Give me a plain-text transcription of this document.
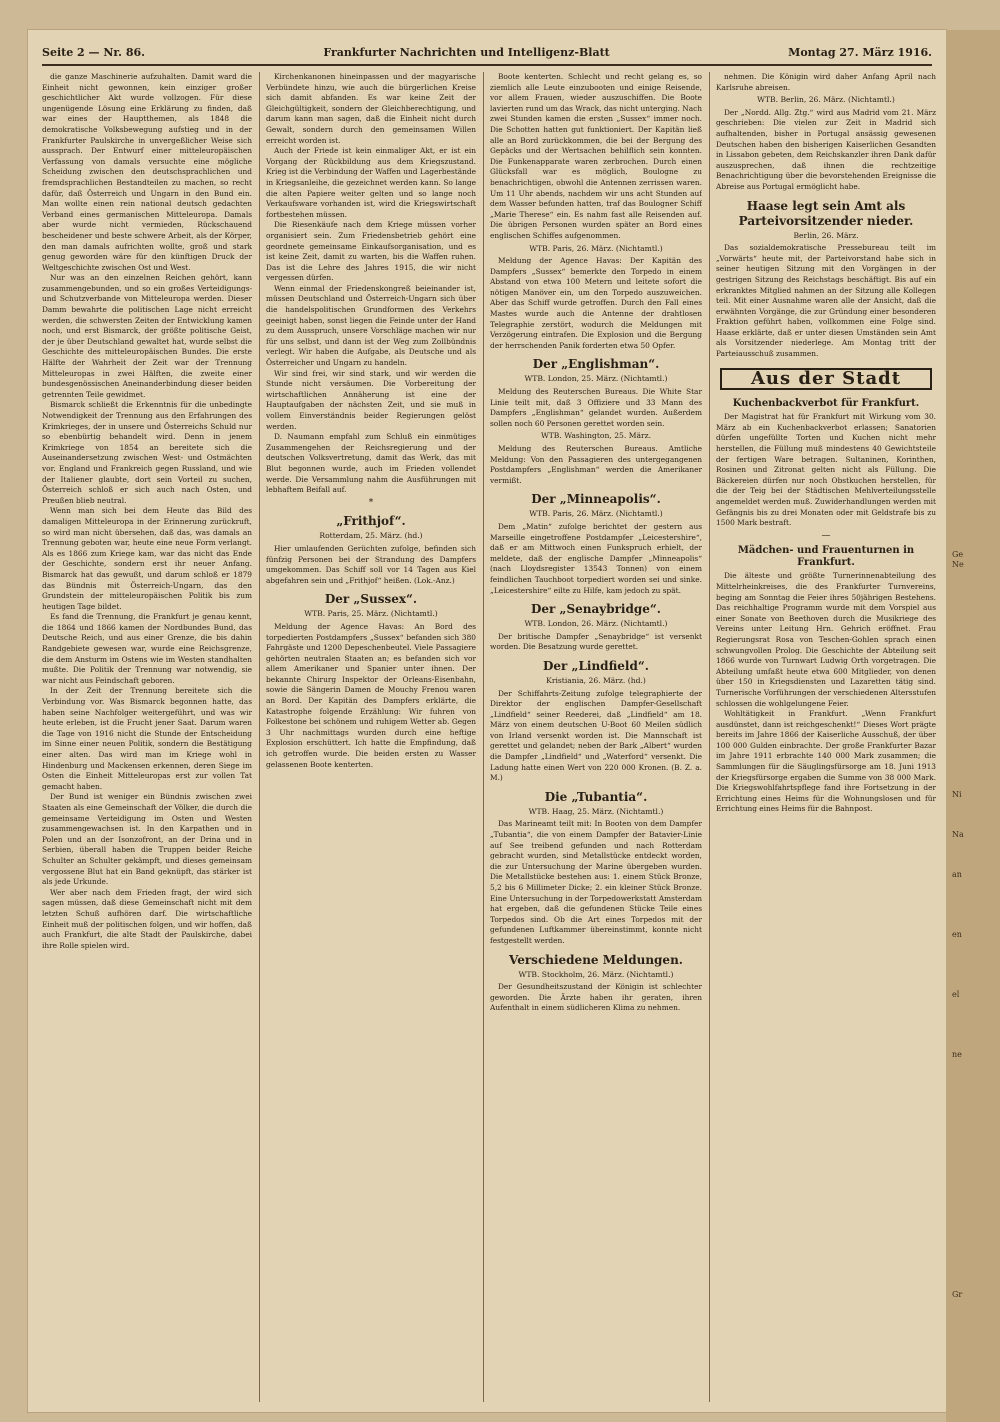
Seite 2 — Nr. 86.	Frankfurter Nachrichten und Intelligenz-Blatt	Montag 27. März 1916.

die ganze Maschinerie aufzuhalten. Damit ward die Einheit nicht gewonnen, kein einziger großer geschichtlicher Akt wurde vollzogen. Für diese ungenügende Lösung eine Erklärung zu finden, daß war eines der Hauptthemen, als 1848 die demokratische Volksbewegung aufstieg und in der Frankfurter Paulskirche in unvergeßlicher Weise sich aussprach. Der Entwurf einer mitteleuropäischen Verfassung von damals versuchte eine mögliche Scheidung zwischen den deutschsprachlichen und fremdsprachlichen Bestandteilen zu machen, so recht dafür, daß Österreich und Ungarn in den Bund ein. Man wollte einen rein national deutsch gedachten Verband eines germanischen Mitteleuropa. Damals aber wurde nicht vermieden, Rückschauend bescheidener und beste schwere Arbeit, als der Körper, den man damals aufrichten wollte, groß und stark genug geworden wäre für den künftigen Druck der Weltgeschichte zwischen Ost und West.

Nur was an den einzelnen Reichen gehört, kann zusammengebunden, und so ein großes Verteidigungs- und Schutzverbande von Mitteleuropa werden. Dieser Damm bewahrte die politischen Lage nicht erreicht werden, die schwersten Zeiten der Entwicklung kamen noch, und erst Bismarck, der größte politische Geist, der je über Deutschland gewaltet hat, wurde selbst die Geschichte des mitteleuropäischen Bundes. Die erste Hälfte der Wahrheit der Zeit war der Trennung Mitteleuropas in zwei Hälften, die zweite einer bundesgenössischen Aneinanderbindung dieser beiden getrennten Teile gewidmet.

Bismarck schließt die Erkenntnis für die unbedingte Notwendigkeit der Trennung aus den Erfahrungen des Krimkrieges, der in unsere und Österreichs Schuld nur so ebenbürtig behandelt wird. Denn in jenem Krimkriege von 1854 an bereitete sich die Auseinandersetzung zwischen West- und Ostmächten vor. England und Frankreich gegen Russland, und wie der Italiener glaubte, dort sein Vorteil zu suchen, Österreich schloß er sich auch nach Osten, und Preußen blieb neutral.

Wenn man sich bei dem Heute das Bild des damaligen Mitteleuropa in der Erinnerung zurückruft, so wird man nicht übersehen, daß das, was damals an Trennung geboten war, heute eine neue Form verlangt. Als es 1866 zum Kriege kam, war das nicht das Ende der Geschichte, sondern erst ihr neuer Anfang. Bismarck hat das gewußt, und darum schloß er 1879 das Bündnis mit Österreich-Ungarn, das den Grundstein der mitteleuropäischen Politik bis zum heutigen Tage bildet.

Es fand die Trennung, die Frankfurt je genau kennt, die 1864 und 1866 kamen der Nordbundes Bund, das Deutsche Reich, und aus einer Grenze, die bis dahin Randgebiete gewesen war, wurde eine Reichsgrenze, die dem Ansturm im Ostens wie im Westen standhalten mußte. Die Politik der Trennung war notwendig, sie war nicht aus Feindschaft geboren.

In der Zeit der Trennung bereitete sich die Verbindung vor. Was Bismarck begonnen hatte, das haben seine Nachfolger weitergeführt, und was wir heute erleben, ist die Frucht jener Saat. Darum waren die Tage von 1916 nicht die Stunde der Entscheidung im Sinne einer neuen Politik, sondern die Bestätigung einer alten. Das wird man im Kriege wohl in Hindenburg und Mackensen erkennen, deren Siege im Osten die Einheit Mitteleuropas erst zur vollen Tat gemacht haben.

Der Bund ist weniger ein Bündnis zwischen zwei Staaten als eine Gemeinschaft der Völker, die durch die gemeinsame Verteidigung im Osten und Westen zusammengewachsen ist. In den Karpathen und in Polen und an der Isonzofront, an der Drina und in Serbien, überall haben die Truppen beider Reiche Schulter an Schulter gekämpft, und dieses gemeinsam vergossene Blut hat ein Band geknüpft, das stärker ist als jede Urkunde.

Wer aber nach dem Frieden fragt, der wird sich sagen müssen, daß diese Gemeinschaft nicht mit dem letzten Schuß aufhören darf. Die wirtschaftliche Einheit muß der politischen folgen, und wir hoffen, daß auch Frankfurt, die alte Stadt der Paulskirche, dabei ihre Rolle spielen wird.

Kirchenkanonen hineinpassen und der magyarische Verbündete hinzu, wie auch die bürgerlichen Kreise sich damit abfanden. Es war keine Zeit der Gleichgültigkeit, sondern der Gleichberechtigung, und darum kann man sagen, daß die Einheit nicht durch Gewalt, sondern durch den gemeinsamen Willen erreicht worden ist.

Auch der Friede ist kein einmaliger Akt, er ist ein Vorgang der Rückbildung aus dem Kriegszustand. Krieg ist die Verbindung der Waffen und Lagerbestände in Kriegsanleihe, die gezeichnet werden kann. So lange die alten Papiere weiter gelten und so lange noch Verkaufsware vorhanden ist, wird die Kriegswirtschaft fortbestehen müssen.

Die Riesenkäufe nach dem Kriege müssen vorher organisiert sein. Zum Friedensbetrieb gehört eine geordnete gemeinsame Einkaufsorganisation, und es ist keine Zeit, damit zu warten, bis die Waffen ruhen. Das ist die Lehre des Jahres 1915, die wir nicht vergessen dürfen.

Wenn einmal der Friedenskongreß beieinander ist, müssen Deutschland und Österreich-Ungarn sich über die handelspolitischen Grundformen des Verkehrs geeinigt haben, sonst liegen die Feinde unter der Hand zu dem Ausspruch, unsere Vorschläge machen wir nur für uns selbst, und dann ist der Weg zum Zollbündnis verlegt. Wir haben die Aufgabe, als Deutsche und als Österreicher und Ungarn zu handeln.

Wir sind frei, wir sind stark, und wir werden die Stunde nicht versäumen. Die Vorbereitung der wirtschaftlichen Annäherung ist eine der Hauptaufgaben der nächsten Zeit, und sie muß in vollem Einverständnis beider Regierungen gelöst werden.

D. Naumann empfahl zum Schluß ein einmütiges Zusammengehen der Reichsregierung und der deutschen Volksvertretung, damit das Werk, das mit Blut begonnen wurde, auch im Frieden vollendet werde. Die Versammlung nahm die Ausführungen mit lebhaftem Beifall auf.

*
„Frithjof“.
Rotterdam, 25. März. (hd.)

Hier umlaufenden Gerüchten zufolge, befinden sich fünfzig Personen bei der Strandung des Dampfers umgekommen. Das Schiff soll vor 14 Tagen aus Kiel abgefahren sein und „Frithjof“ heißen. (Lok.-Anz.)

Der „Sussex“.
WTB. Paris, 25. März. (Nichtamtl.)

Meldung der Agence Havas: An Bord des torpedierten Postdampfers „Sussex“ befanden sich 380 Fahrgäste und 1200 Depeschenbeutel. Viele Passagiere gehörten neutralen Staaten an; es befanden sich vor allem Amerikaner und Spanier unter ihnen. Der bekannte Chirurg Inspektor der Orleans-Eisenbahn, sowie die Sängerin Damen de Mouchy Frenou waren an Bord. Der Kapitän des Dampfers erklärte, die Katastrophe folgende Erzählung: Wir fuhren von Folkestone bei schönem und ruhigem Wetter ab. Gegen 3 Uhr nachmittags wurden durch eine heftige Explosion erschüttert. Ich hatte die Empfindung, daß ich getroffen wurde. Die beiden ersten zu Wasser gelassenen Boote kenterten.

Boote kenterten. Schlecht und recht gelang es, so ziemlich alle Leute einzubooten und einige Reisende, vor allem Frauen, wieder auszuschiffen. Die Boote lavierten rund um das Wrack, das nicht unterging. Nach zwei Stunden kamen die ersten „Sussex“ immer noch. Die Schotten hatten gut funktioniert. Der Kapitän ließ alle an Bord zurückkommen, die bei der Bergung des Gepäcks und der Wertsachen behilflich sein konnten. Die Funkenapparate waren zerbrochen. Durch einen Glücksfall war es möglich, Boulogne zu benachrichtigen, obwohl die Antennen zerrissen waren. Um 11 Uhr abends, nachdem wir uns acht Stunden auf dem Wasser befunden hatten, traf das Boulogner Schiff „Marie Therese“ ein. Es nahm fast alle Reisenden auf. Die übrigen Personen wurden später an Bord eines englischen Schiffes aufgenommen.

WTB. Paris, 26. März. (Nichtamtl.)

Meldung der Agence Havas: Der Kapitän des Dampfers „Sussex“ bemerkte den Torpedo in einem Abstand von etwa 100 Metern und leitete sofort die nötigen Manöver ein, um den Torpedo auszuweichen. Aber das Schiff wurde getroffen. Durch den Fall eines Mastes wurde auch die Antenne der drahtlosen Telegraphie zerstört, wodurch die Meldungen mit Verzögerung eintrafen. Die Explosion und die Bergung der herrschenden Panik forderten etwa 50 Opfer.

Der „Englishman“.
WTB. London, 25. März. (Nichtamtl.)

Meldung des Reuterschen Bureaus. Die White Star Linie teilt mit, daß 3 Offiziere und 33 Mann des Dampfers „Englishman“ gelandet wurden. Außerdem sollen noch 60 Personen gerettet worden sein.

WTB. Washington, 25. März.

Meldung des Reuterschen Bureaus. Amtliche Meldung: Von den Passagieren des untergegangenen Postdampfers „Englishman“ werden die Amerikaner vermißt.

Der „Minneapolis“.
WTB. Paris, 26. März. (Nichtamtl.)

Dem „Matin“ zufolge berichtet der gestern aus Marseille eingetroffene Postdampfer „Leicestershire“, daß er am Mittwoch einen Funkspruch erhielt, der meldete, daß der englische Dampfer „Minneapolis“ (nach Lloydsregister 13543 Tonnen) von einem feindlichen Tauchboot torpediert worden sei und sinke. „Leicestershire“ eilte zu Hilfe, kam jedoch zu spät.

Der „Senaybridge“.
WTB. London, 26. März. (Nichtamtl.)

Der britische Dampfer „Senaybridge“ ist versenkt worden. Die Besatzung wurde gerettet.

Der „Lindfield“.
Kristiania, 26. März. (hd.)

Der Schiffahrts-Zeitung zufolge telegraphierte der Direktor der englischen Dampfer-Gesellschaft „Lindfield“ seiner Reederei, daß „Lindfield“ am 18. März von einem deutschen U-Boot 60 Meilen südlich von Irland versenkt worden ist. Die Mannschaft ist gerettet und gelandet; neben der Bark „Albert“ wurden die Dampfer „Lindfield“ und „Waterford“ versenkt. Die Ladung hatte einen Wert von 220 000 Kronen. (B. Z. a. M.)

Die „Tubantia“.
WTB. Haag, 25. März. (Nichtamtl.)

Das Marineamt teilt mit: In Booten von dem Dampfer „Tubantia“, die von einem Dampfer der Batavier-Linie auf See treibend gefunden und nach Rotterdam gebracht wurden, sind Metallstücke entdeckt worden, die zur Untersuchung der Marine übergeben wurden. Die Metallstücke bestehen aus: 1. einem Stück Bronze, 5,2 bis 6 Millimeter Dicke; 2. ein kleiner Stück Bronze. Eine Untersuchung in der Torpedowerkstatt Amsterdam hat ergeben, daß die gefundenen Stücke Teile eines Torpedos sind. Ob die Art eines Torpedos mit der gefundenen Luftkammer übereinstimmt, konnte nicht festgestellt werden.

Verschiedene Meldungen.
WTB. Stockholm, 26. März. (Nichtamtl.)

Der Gesundheitszustand der Königin ist schlechter geworden. Die Ärzte haben ihr geraten, ihren Aufenthalt in einem südlicheren Klima zu nehmen.

nehmen. Die Königin wird daher Anfang April nach Karlsruhe abreisen.

WTB. Berlin, 26. März. (Nichtamtl.)

Der „Nordd. Allg. Ztg.“ wird aus Madrid vom 21. März geschrieben: Die vielen zur Zeit in Madrid sich aufhaltenden, bisher in Portugal ansässig gewesenen Deutschen haben den bisherigen Kaiserlichen Gesandten in Lissabon gebeten, dem Reichskanzler ihren Dank dafür auszusprechen, daß ihnen die rechtzeitige Benachrichtigung über die bevorstehenden Ereignisse die Abreise aus Portugal ermöglicht habe.

Haase legt sein Amt als Parteivorsitzender nieder.
Berlin, 26. März.

Das sozialdemokratische Pressebureau teilt im „Vorwärts“ heute mit, der Parteivorstand habe sich in seiner heutigen Sitzung mit den Vorgängen in der gestrigen Sitzung des Reichstags beschäftigt. Bis auf ein erkranktes Mitglied nahmen an der Sitzung alle Kollegen teil. Mit einer Ausnahme waren alle der Ansicht, daß die erwähnten Vorgänge, die zur Gründung einer besonderen Fraktion geführt haben, vollkommen eine Folge sind. Haase erklärte, daß er unter diesen Umständen sein Amt als Vorsitzender niederlege. Am Montag tritt der Parteiausschuß zusammen.

Aus der Stadt
Kuchenbackverbot für Frankfurt.

Der Magistrat hat für Frankfurt mit Wirkung vom 30. März ab ein Kuchenbackverbot erlassen; Sanatorien dürfen ungefüllte Torten und Kuchen nicht mehr herstellen, die Füllung muß mindestens 40 Gewichtsteile der fertigen Ware betragen. Sultaninen, Korinthen, Rosinen und Zitronat gelten nicht als Füllung. Die Bäckereien dürfen nur noch Obstkuchen herstellen, für die der Teig bei der Städtischen Mehlverteilungsstelle angemeldet werden muß. Zuwiderhandlungen werden mit Gefängnis bis zu drei Monaten oder mit Geldstrafe bis zu 1500 Mark bestraft.

—
Mädchen- und Frauenturnen in Frankfurt.

Die älteste und größte Turnerinnenabteilung des Mittelrheinkreises, die des Frankfurter Turnvereins, beging am Sonntag die Feier ihres 50jährigen Bestehens. Das reichhaltige Programm wurde mit dem Vorspiel aus einer Sonate von Beethoven durch die Musikriege des Vereins unter Leitung Hrn. Gehrich eröffnet. Frau Regierungsrat Rosa von Teschen-Gohlen sprach einen schwungvollen Prolog. Die Geschichte der Abteilung seit 1866 wurde von Turnwart Ludwig Orth vorgetragen. Die Abteilung umfaßt heute etwa 600 Mitglieder, von denen über 150 in Kriegsdiensten und Lazaretten tätig sind. Turnerische Vorführungen der verschiedenen Altersstufen schlossen die wohlgelungene Feier.

Wohltätigkeit in Frankfurt. „Wenn Frankfurt ausdünstet, dann ist reichgeschenkt!“ Dieses Wort prägte bereits im Jahre 1866 der Kaiserliche Ausschuß, der über 100 000 Gulden einbrachte. Der große Frankfurter Bazar im Jahre 1911 erbrachte 140 000 Mark zusammen; die Sammlungen für die Säuglingsfürsorge am 18. Juni 1913 der Kriegsfürsorge ergaben die Summe von 38 000 Mark. Die Kriegswohlfahrtspflege fand ihre Fortsetzung in der Errichtung eines Heims für die Wohnungslosen und für Errichtung eines Heims für die Bahnpost.

Ge
Ne
Ni
Na
an
en
el
ne
Gr
